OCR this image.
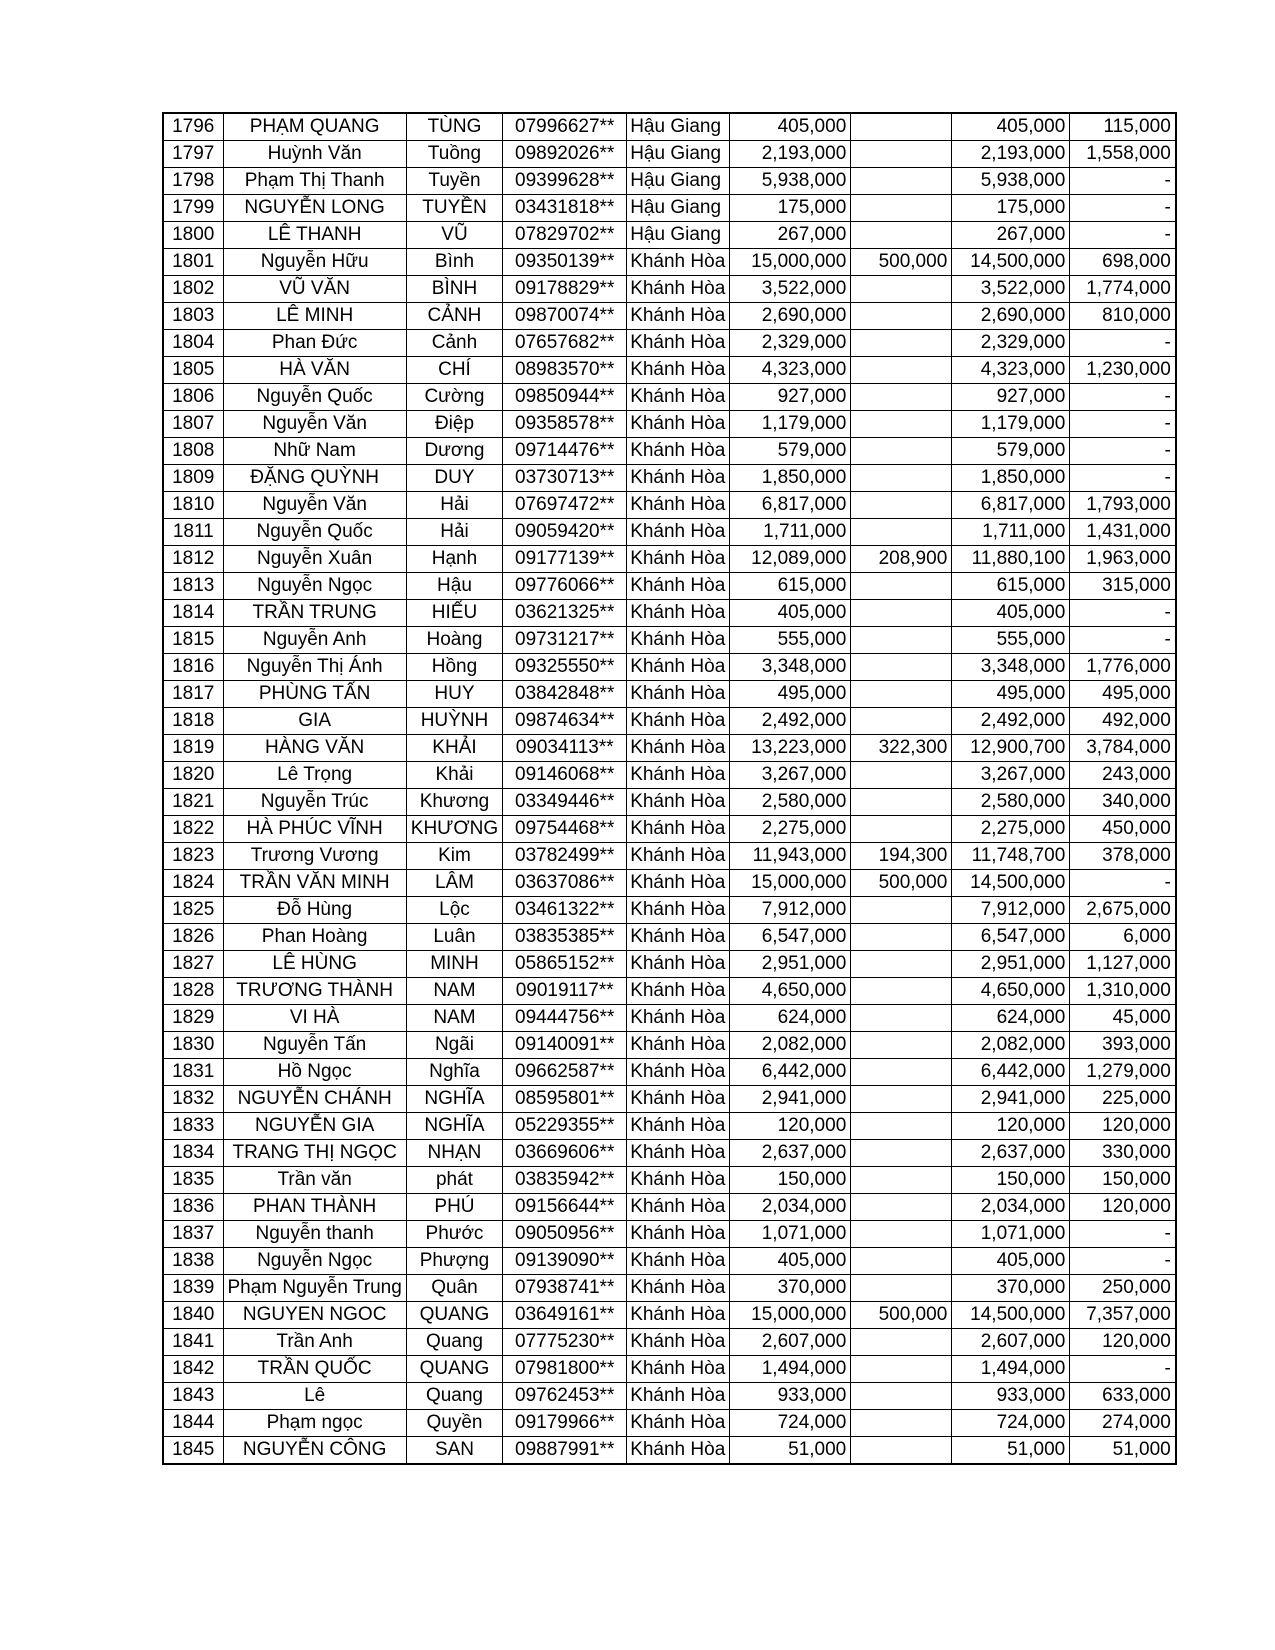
1796	PHẠM QUANG	TÙNG	07996627**	Hậu Giang	405,000		405,000	115,000
1797	Huỳnh Văn	Tuồng	09892026**	Hậu Giang	2,193,000		2,193,000	1,558,000
1798	Phạm Thị Thanh	Tuyền	09399628**	Hậu Giang	5,938,000		5,938,000	-
1799	NGUYỄN LONG	TUYỀN	03431818**	Hậu Giang	175,000		175,000	-
1800	LÊ THANH	VŨ	07829702**	Hậu Giang	267,000		267,000	-
1801	Nguyễn Hữu	Bình	09350139**	Khánh Hòa	15,000,000	500,000	14,500,000	698,000
1802	VŨ VĂN	BÌNH	09178829**	Khánh Hòa	3,522,000		3,522,000	1,774,000
1803	LÊ MINH	CẢNH	09870074**	Khánh Hòa	2,690,000		2,690,000	810,000
1804	Phan Đức	Cảnh	07657682**	Khánh Hòa	2,329,000		2,329,000	-
1805	HÀ VĂN	CHÍ	08983570**	Khánh Hòa	4,323,000		4,323,000	1,230,000
1806	Nguyễn Quốc	Cường	09850944**	Khánh Hòa	927,000		927,000	-
1807	Nguyễn Văn	Điệp	09358578**	Khánh Hòa	1,179,000		1,179,000	-
1808	Nhữ Nam	Dương	09714476**	Khánh Hòa	579,000		579,000	-
1809	ĐẶNG QUỲNH	DUY	03730713**	Khánh Hòa	1,850,000		1,850,000	-
1810	Nguyễn Văn	Hải	07697472**	Khánh Hòa	6,817,000		6,817,000	1,793,000
1811	Nguyễn Quốc	Hải	09059420**	Khánh Hòa	1,711,000		1,711,000	1,431,000
1812	Nguyễn Xuân	Hạnh	09177139**	Khánh Hòa	12,089,000	208,900	11,880,100	1,963,000
1813	Nguyễn Ngọc	Hậu	09776066**	Khánh Hòa	615,000		615,000	315,000
1814	TRẦN TRUNG	HIẾU	03621325**	Khánh Hòa	405,000		405,000	-
1815	Nguyễn Anh	Hoàng	09731217**	Khánh Hòa	555,000		555,000	-
1816	Nguyễn Thị Ánh	Hồng	09325550**	Khánh Hòa	3,348,000		3,348,000	1,776,000
1817	PHÙNG TẤN	HUY	03842848**	Khánh Hòa	495,000		495,000	495,000
1818	GIA	HUỲNH	09874634**	Khánh Hòa	2,492,000		2,492,000	492,000
1819	HÀNG VĂN	KHẢI	09034113**	Khánh Hòa	13,223,000	322,300	12,900,700	3,784,000
1820	Lê Trọng	Khải	09146068**	Khánh Hòa	3,267,000		3,267,000	243,000
1821	Nguyễn Trúc	Khương	03349446**	Khánh Hòa	2,580,000		2,580,000	340,000
1822	HÀ PHÚC VĨNH	KHƯƠNG	09754468**	Khánh Hòa	2,275,000		2,275,000	450,000
1823	Trương Vương	Kim	03782499**	Khánh Hòa	11,943,000	194,300	11,748,700	378,000
1824	TRẦN VĂN MINH	LÂM	03637086**	Khánh Hòa	15,000,000	500,000	14,500,000	-
1825	Đỗ Hùng	Lộc	03461322**	Khánh Hòa	7,912,000		7,912,000	2,675,000
1826	Phan Hoàng	Luân	03835385**	Khánh Hòa	6,547,000		6,547,000	6,000
1827	LÊ HÙNG	MINH	05865152**	Khánh Hòa	2,951,000		2,951,000	1,127,000
1828	TRƯƠNG THÀNH	NAM	09019117**	Khánh Hòa	4,650,000		4,650,000	1,310,000
1829	VI HÀ	NAM	09444756**	Khánh Hòa	624,000		624,000	45,000
1830	Nguyễn Tấn	Ngãi	09140091**	Khánh Hòa	2,082,000		2,082,000	393,000
1831	Hồ Ngọc	Nghĩa	09662587**	Khánh Hòa	6,442,000		6,442,000	1,279,000
1832	NGUYỄN CHÁNH	NGHĨA	08595801**	Khánh Hòa	2,941,000		2,941,000	225,000
1833	NGUYỄN GIA	NGHĨA	05229355**	Khánh Hòa	120,000		120,000	120,000
1834	TRANG THỊ NGỌC	NHẠN	03669606**	Khánh Hòa	2,637,000		2,637,000	330,000
1835	Trần văn	phát	03835942**	Khánh Hòa	150,000		150,000	150,000
1836	PHAN THÀNH	PHÚ	09156644**	Khánh Hòa	2,034,000		2,034,000	120,000
1837	Nguyễn thanh	Phước	09050956**	Khánh Hòa	1,071,000		1,071,000	-
1838	Nguyễn Ngọc	Phượng	09139090**	Khánh Hòa	405,000		405,000	-
1839	Phạm Nguyễn Trung	Quân	07938741**	Khánh Hòa	370,000		370,000	250,000
1840	NGUYEN NGOC	QUANG	03649161**	Khánh Hòa	15,000,000	500,000	14,500,000	7,357,000
1841	Trần Anh	Quang	07775230**	Khánh Hòa	2,607,000		2,607,000	120,000
1842	TRẦN QUỐC	QUANG	07981800**	Khánh Hòa	1,494,000		1,494,000	-
1843	Lê	Quang	09762453**	Khánh Hòa	933,000		933,000	633,000
1844	Phạm ngọc	Quyền	09179966**	Khánh Hòa	724,000		724,000	274,000
1845	NGUYỄN CÔNG	SAN	09887991**	Khánh Hòa	51,000		51,000	51,000
